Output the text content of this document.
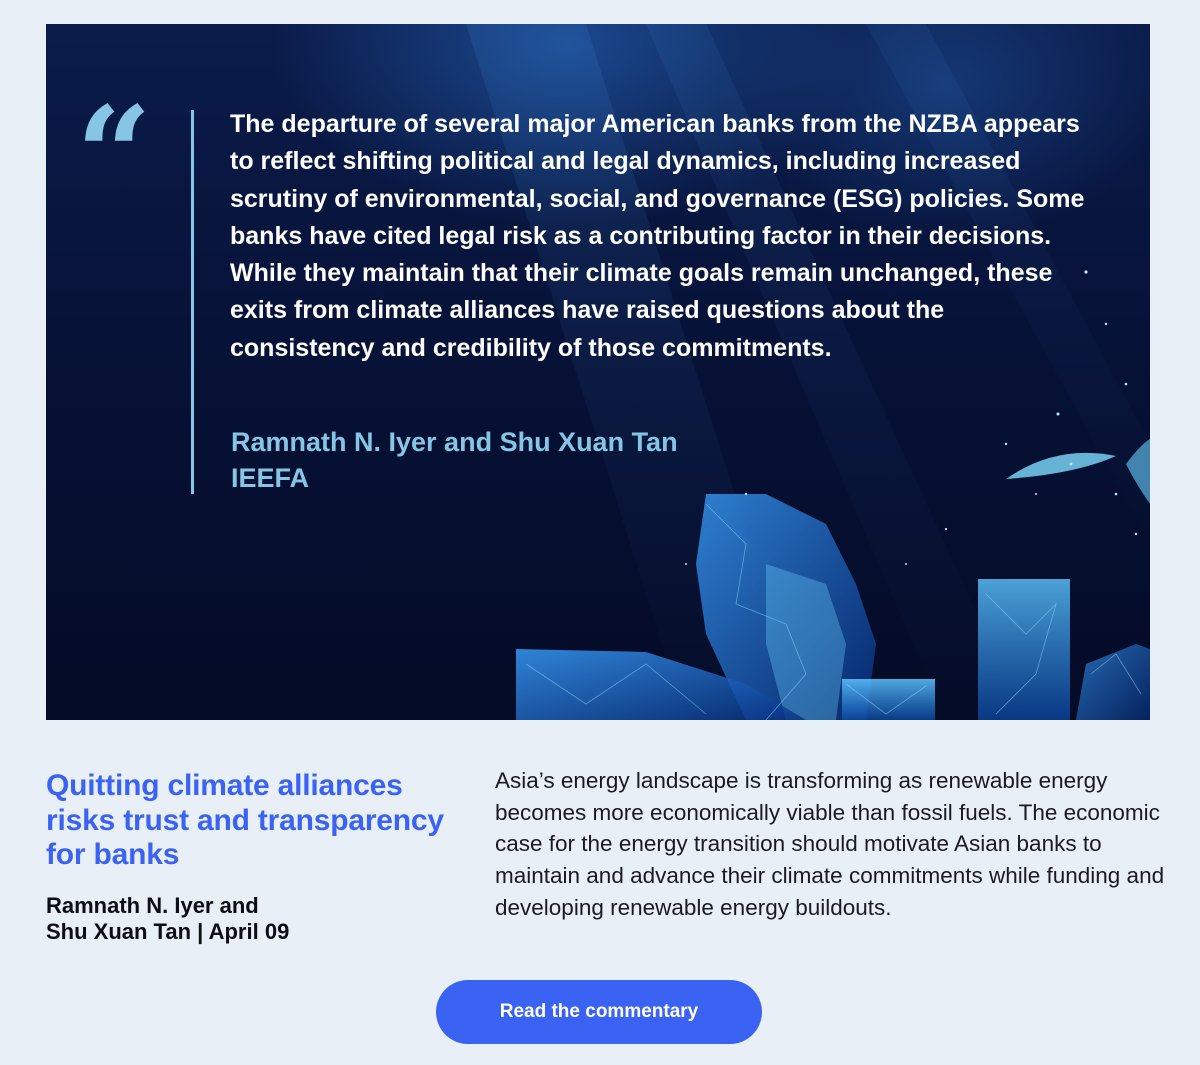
“	The departure of several major American banks from the NZBA appears to reflect shifting political and legal dynamics, including increased scrutiny of environmental, social, and governance (ESG) policies. Some banks have cited legal risk as a contributing factor in their decisions. While they maintain that their climate goals remain unchanged, these exits from climate alliances have raised questions about the consistency and credibility of those commitments.

Ramnath N. Iyer and Shu Xuan Tan
IEEFA
Quitting climate alliances risks trust and transparency for banks
Ramnath N. Iyer and
Shu Xuan Tan | April 09

Asia’s energy landscape is transforming as renewable energy becomes more economically viable than fossil fuels. The economic case for the energy transition should motivate Asian banks to maintain and advance their climate commitments while funding and developing renewable energy buildouts.

Read the commentary
